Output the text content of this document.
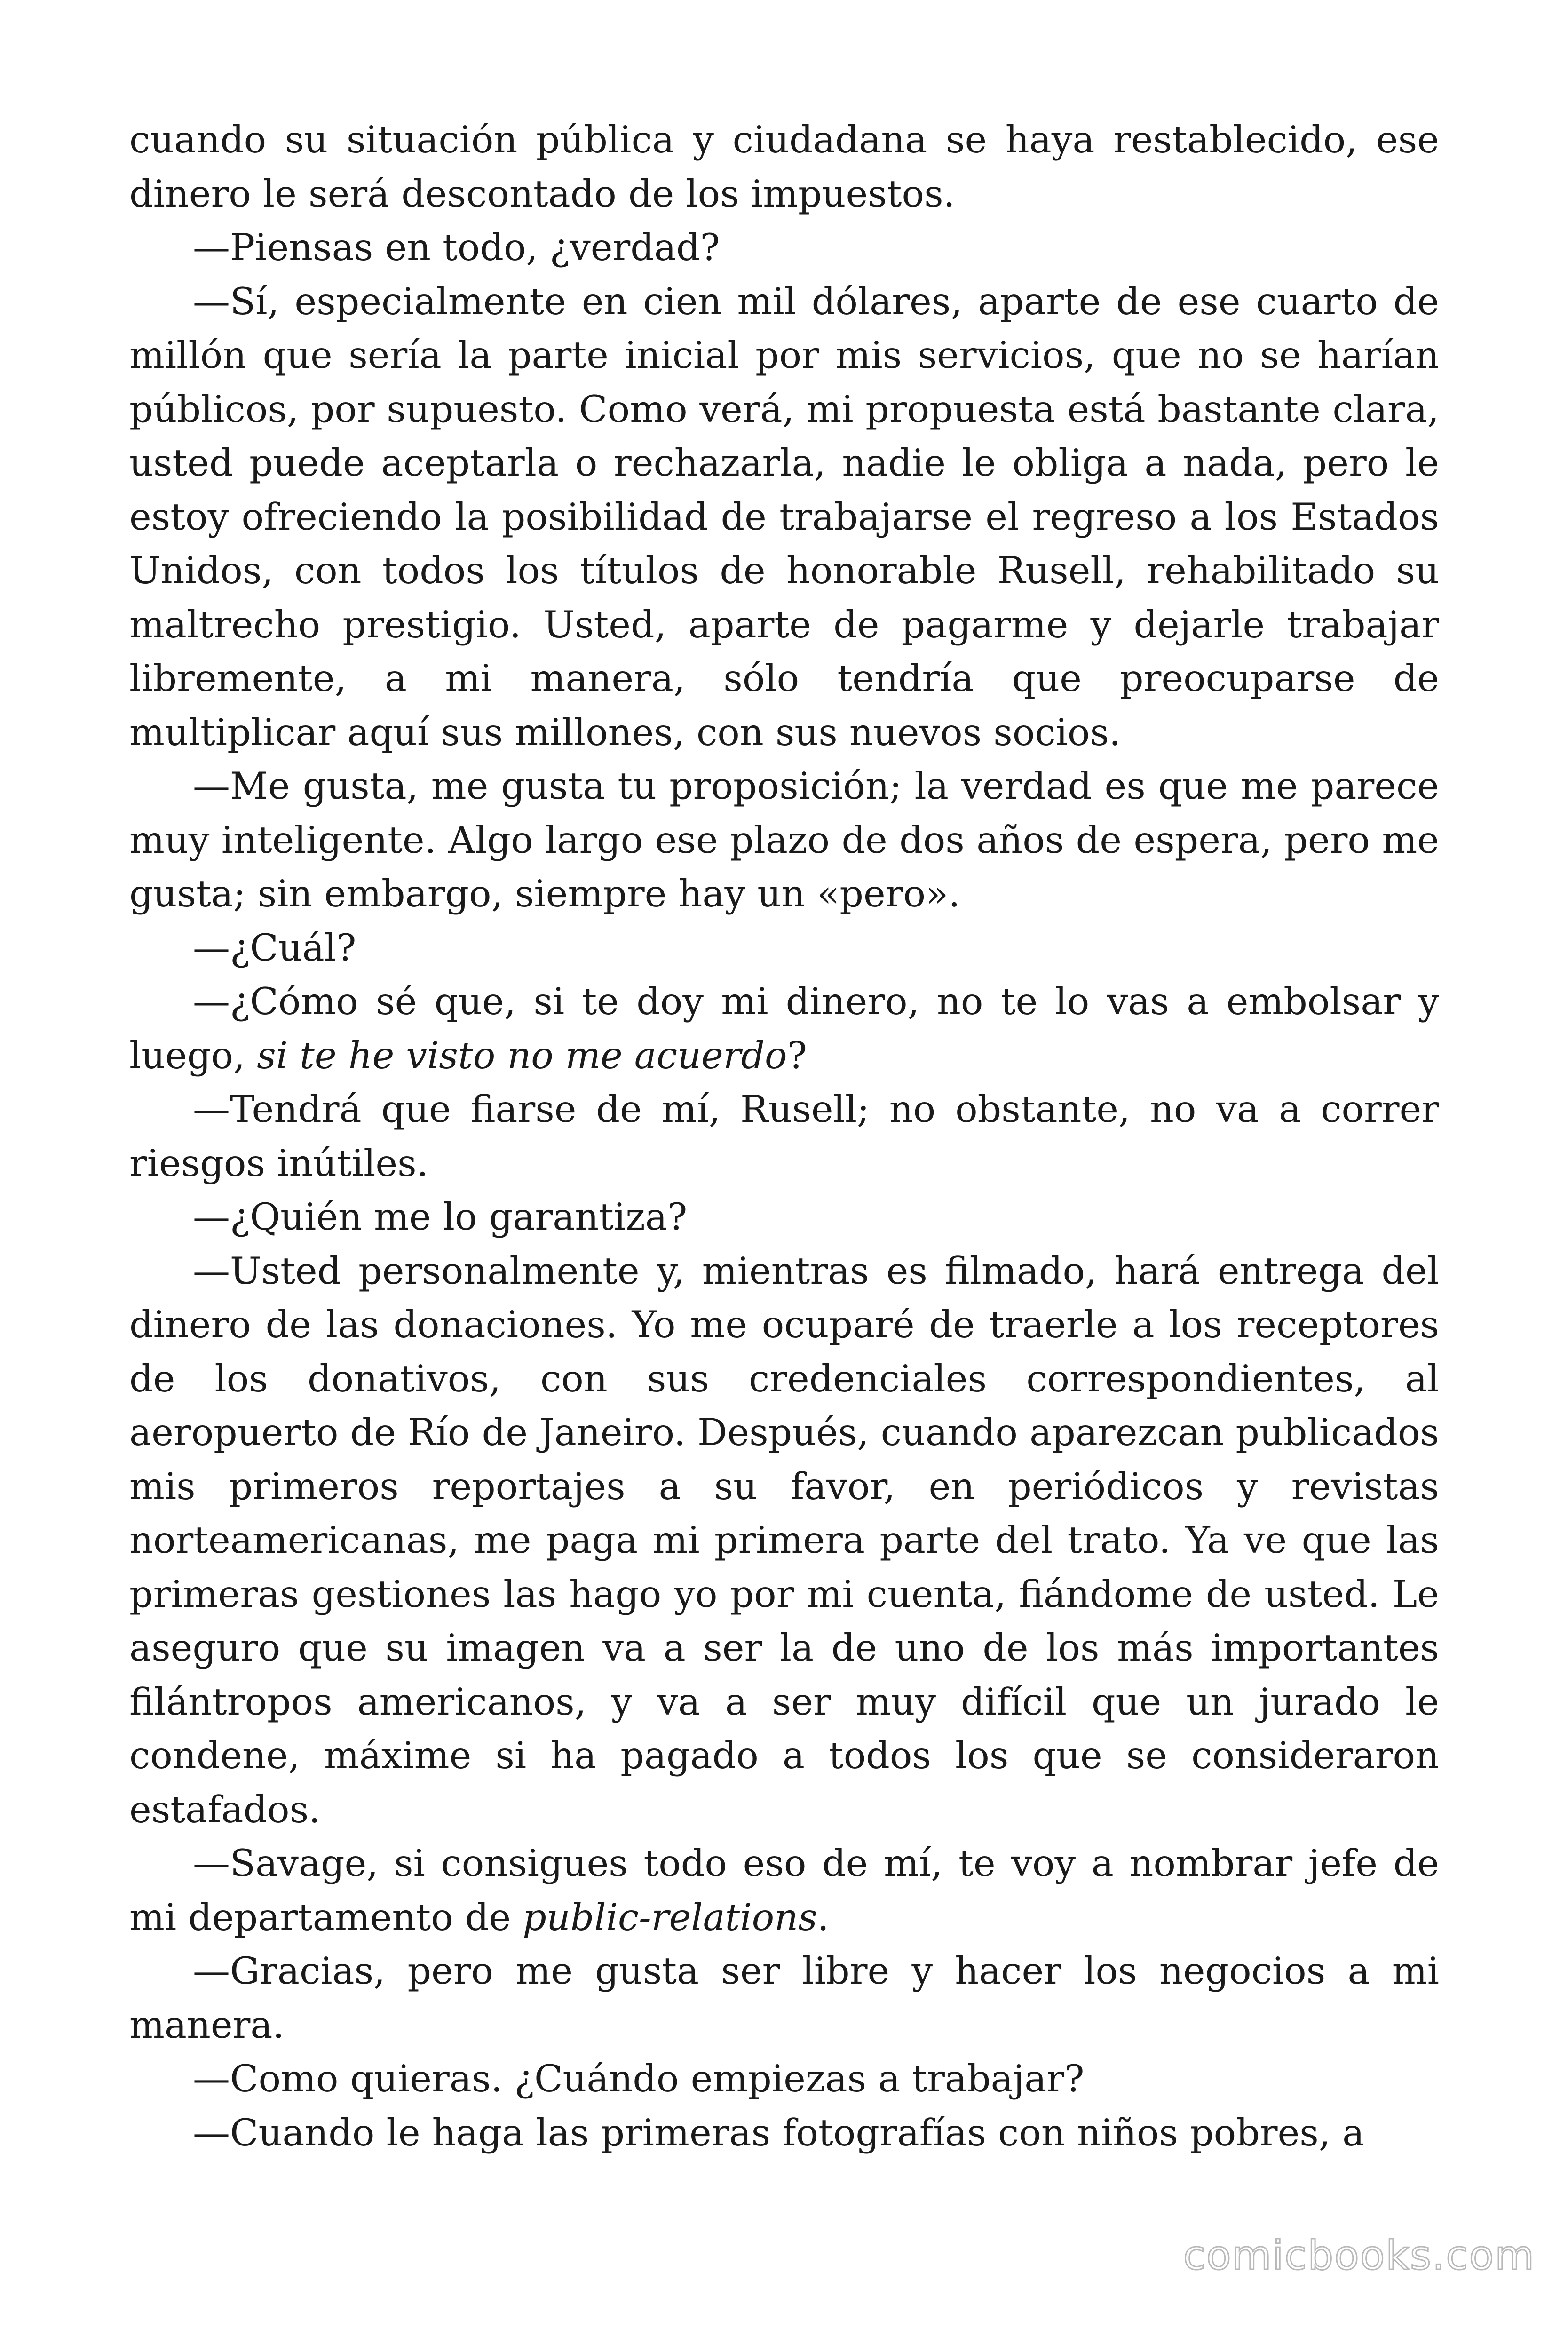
cuando su situación pública y ciudadana se haya restablecido, ese dinero le será descontado de los impuestos.

—Piensas en todo, ¿verdad?

—Sí, especialmente en cien mil dólares, aparte de ese cuarto de millón que sería la parte inicial por mis servicios, que no se harían públicos, por supuesto. Como verá, mi propuesta está bastante clara, usted puede aceptarla o rechazarla, nadie le obliga a nada, pero le estoy ofreciendo la posibilidad de trabajarse el regreso a los Estados Unidos, con todos los títulos de honorable Rusell, rehabilitado su maltrecho prestigio. Usted, aparte de pagarme y dejarle trabajar libremente, a mi manera, sólo tendría que preocuparse de multiplicar aquí sus millones, con sus nuevos socios.

—Me gusta, me gusta tu proposición; la verdad es que me parece muy inteligente. Algo largo ese plazo de dos años de espera, pero me gusta; sin embargo, siempre hay un «pero».

—¿Cuál?

—¿Cómo sé que, si te doy mi dinero, no te lo vas a embolsar y luego, si te he visto no me acuerdo?

—Tendrá que fiarse de mí, Rusell; no obstante, no va a correr riesgos inútiles.

—¿Quién me lo garantiza?

—Usted personalmente y, mientras es filmado, hará entrega del dinero de las donaciones. Yo me ocuparé de traerle a los receptores de los donativos, con sus credenciales correspondientes, al aeropuerto de Río de Janeiro. Después, cuando aparezcan publicados mis primeros reportajes a su favor, en periódicos y revistas norteamericanas, me paga mi primera parte del trato. Ya ve que las primeras gestiones las hago yo por mi cuenta, fiándome de usted. Le aseguro que su imagen va a ser la de uno de los más importantes filántropos americanos, y va a ser muy difícil que un jurado le condene, máxime si ha pagado a todos los que se consideraron estafados.

—Savage, si consigues todo eso de mí, te voy a nombrar jefe de mi departamento de public-relations.

—Gracias, pero me gusta ser libre y hacer los negocios a mi manera.

—Como quieras. ¿Cuándo empiezas a trabajar?

—Cuando le haga las primeras fotografías con niños pobres, a

comicbooks.com
